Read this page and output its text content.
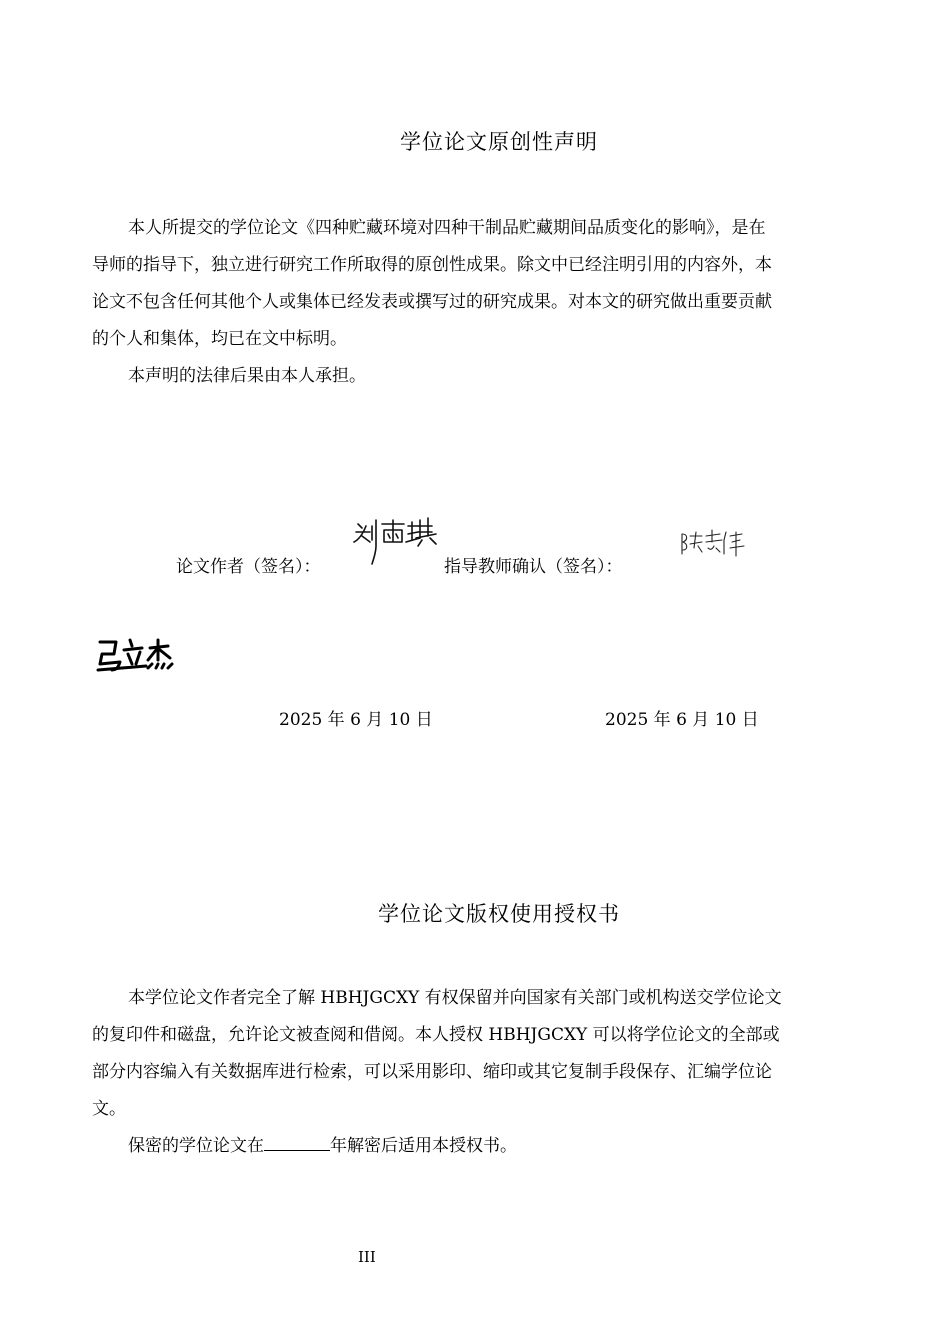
学位论文原创性声明
本人所提交的学位论文《四种贮藏环境对四种干制品贮藏期间品质变化的影响》，是在
导师的指导下，独立进行研究工作所取得的原创性成果。除文中已经注明引用的内容外，本
论文不包含任何其他个人或集体已经发表或撰写过的研究成果。对本文的研究做出重要贡献
的个人和集体，均已在文中标明。
本声明的法律后果由本人承担。
论文作者（签名）：	指导教师确认（签名）：
2025 年 6 月 10 日	2025 年 6 月 10 日
学位论文版权使用授权书
本学位论文作者完全了解 HBHJGCXY 有权保留并向国家有关部门或机构送交学位论文
的复印件和磁盘，允许论文被查阅和借阅。本人授权 HBHJGCXY 可以将学位论文的全部或
部分内容编入有关数据库进行检索，可以采用影印、缩印或其它复制手段保存、汇编学位论
文。
保密的学位论文在	年解密后适用本授权书。
III
